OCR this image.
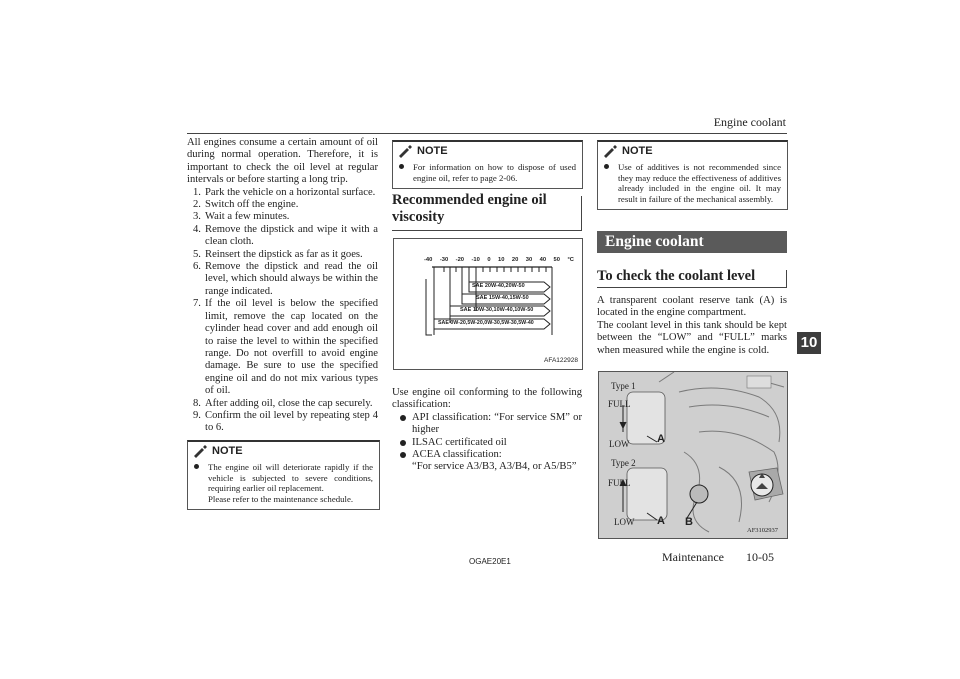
Engine coolant
10

All engines consume a certain amount of oil during normal operation. Therefore, it is important to check the oil level at regular intervals or before starting a long trip.

1. Park the vehicle on a horizontal surface.
2. Switch off the engine.
3. Wait a few minutes.
4. Remove the dipstick and wipe it with a clean cloth.
5. Reinsert the dipstick as far as it goes.
6. Remove the dipstick and read the oil level, which should always be within the range indicated.
7. If the oil level is below the specified limit, remove the cap located on the cylinder head cover and add enough oil to raise the level to within the specified range. Do not overfill to avoid engine damage. Be sure to use the specified engine oil and do not mix various types of oil.
8. After adding oil, close the cap securely.
9. Confirm the oil level by repeating step 4 to 6.
NOTE
The engine oil will deteriorate rapidly if the vehicle is subjected to severe conditions, requiring earlier oil replacement.
Please refer to the maintenance schedule.
NOTE
For information on how to dispose of used engine oil, refer to page 2-06.
Recommended engine oil viscosity
-40 -30 -20 -10 0 10 20 30 40 50 °C
SAE 20W-40,20W-50
SAE 15W-40,15W-50
SAE 10W-30,10W-40,10W-50
SAE 0W-20,5W-20,0W-30,5W-30,5W-40
AFA122928

Use engine oil conforming to the following classification:

API classification: “For service SM” or higher
ILSAC certificated oil
ACEA classification:
“For service A3/B3, A3/B4, or A5/B5”
NOTE
Use of additives is not recommended since they may reduce the effectiveness of additives already included in the engine oil. It may result in failure of the mechanical assembly.
Engine coolant
To check the coolant level

A transparent coolant reserve tank (A) is located in the engine compartment.

The coolant level in this tank should be kept between the “LOW” and “FULL” marks when measured while the engine is cold.

Type 1
FULL
LOW	A
Type 2
FULL
LOW A B
AF3102937
OGAE20E1	Maintenance 10-05
